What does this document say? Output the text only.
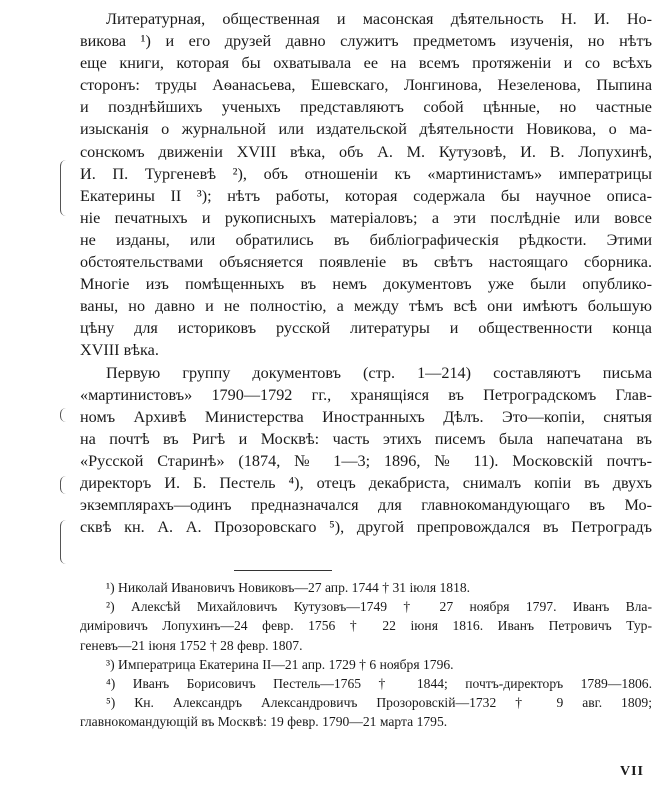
Литературная, общественная и масонская дѣятельность Н. И. Но-
викова ¹) и его друзей давно служитъ предметомъ изученія, но нѣтъ
еще книги, которая бы охватывала ее на всемъ протяженіи и со всѣхъ
сторонъ: труды Аѳанасьева, Ешевскаго, Лонгинова, Незеленова, Пыпина
и позднѣйшихъ ученыхъ представляютъ собой цѣнные, но частные
изысканія о журнальной или издательской дѣятельности Новикова, о ма-
сонскомъ движеніи XVIII вѣка, объ А. М. Кутузовѣ, И. В. Лопухинѣ,
И. П. Тургеневѣ ²), объ отношеніи къ «мартинистамъ» императрицы
Екатерины II ³); нѣтъ работы, которая содержала бы научное описа-
ніе печатныхъ и рукописныхъ матеріаловъ; а эти послѣдніе или вовсе
не изданы, или обратились въ библіографическія рѣдкости. Этими
обстоятельствами объясняется появленіе въ свѣтъ настоящаго сборника.
Многіе изъ помѣщенныхъ въ немъ документовъ уже были опублико-
ваны, но давно и не полностію, а между тѣмъ всѣ они имѣютъ большую
цѣну для историковъ русской литературы и общественности конца
XVIII вѣка.
Первую группу документовъ (стр. 1—214) составляютъ письма
«мартинистовъ» 1790—1792 гг., хранящіяся въ Петроградскомъ Глав-
номъ Архивѣ Министерства Иностранныхъ Дѣлъ. Это—копіи, снятыя
на почтѣ въ Ригѣ и Москвѣ: часть этихъ писемъ была напечатана въ
«Русской Старинѣ» (1874, № 1—3; 1896, № 11). Московскій почтъ-
директоръ И. Б. Пестель ⁴), отецъ декабриста, снималъ копіи въ двухъ
экземплярахъ—одинъ предназначался для главнокомандующаго въ Мо-
сквѣ кн. А. А. Прозоровскаго ⁵), другой препровождался въ Петроградъ
¹) Николай Ивановичъ Новиковъ—27 апр. 1744 † 31 іюля 1818.
²) Алексѣй Михайловичъ Кутузовъ—1749 † 27 ноября 1797. Иванъ Вла-
диміровичъ Лопухинъ—24 февр. 1756 † 22 іюня 1816. Иванъ Петровичъ Тур-
геневъ—21 іюня 1752 † 28 февр. 1807.
³) Императрица Екатерина II—21 апр. 1729 † 6 ноября 1796.
⁴) Иванъ Борисовичъ Пестель—1765 † 1844; почтъ-директоръ 1789—1806.
⁵) Кн. Александръ Александровичъ Прозоровскій—1732 † 9 авг. 1809;
главнокомандующій въ Москвѣ: 19 февр. 1790—21 марта 1795.
VII
